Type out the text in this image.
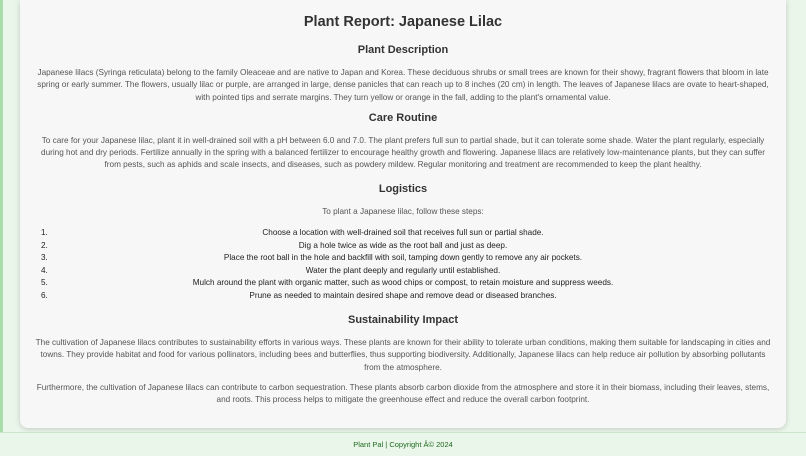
Plant Report: Japanese Lilac
Plant Description

Japanese lilacs (Syringa reticulata) belong to the family Oleaceae and are native to Japan and Korea. These deciduous shrubs or small trees are known for their showy, fragrant flowers that bloom in late spring or early summer. The flowers, usually lilac or purple, are arranged in large, dense panicles that can reach up to 8 inches (20 cm) in length. The leaves of Japanese lilacs are ovate to heart-shaped, with pointed tips and serrate margins. They turn yellow or orange in the fall, adding to the plant's ornamental value.

Care Routine

To care for your Japanese lilac, plant it in well-drained soil with a pH between 6.0 and 7.0. The plant prefers full sun to partial shade, but it can tolerate some shade. Water the plant regularly, especially during hot and dry periods. Fertilize annually in the spring with a balanced fertilizer to encourage healthy growth and flowering. Japanese lilacs are relatively low-maintenance plants, but they can suffer from pests, such as aphids and scale insects, and diseases, such as powdery mildew. Regular monitoring and treatment are recommended to keep the plant healthy.

Logistics

To plant a Japanese lilac, follow these steps:

1.	Choose a location with well-drained soil that receives full sun or partial shade.
2.	Dig a hole twice as wide as the root ball and just as deep.
3.	Place the root ball in the hole and backfill with soil, tamping down gently to remove any air pockets.
4.	Water the plant deeply and regularly until established.
5.	Mulch around the plant with organic matter, such as wood chips or compost, to retain moisture and suppress weeds.
6.	Prune as needed to maintain desired shape and remove dead or diseased branches.
Sustainability Impact

The cultivation of Japanese lilacs contributes to sustainability efforts in various ways. These plants are known for their ability to tolerate urban conditions, making them suitable for landscaping in cities and towns. They provide habitat and food for various pollinators, including bees and butterflies, thus supporting biodiversity. Additionally, Japanese lilacs can help reduce air pollution by absorbing pollutants from the atmosphere.

Furthermore, the cultivation of Japanese lilacs can contribute to carbon sequestration. These plants absorb carbon dioxide from the atmosphere and store it in their biomass, including their leaves, stems, and roots. This process helps to mitigate the greenhouse effect and reduce the overall carbon footprint.

Plant Pal | Copyright Â© 2024
